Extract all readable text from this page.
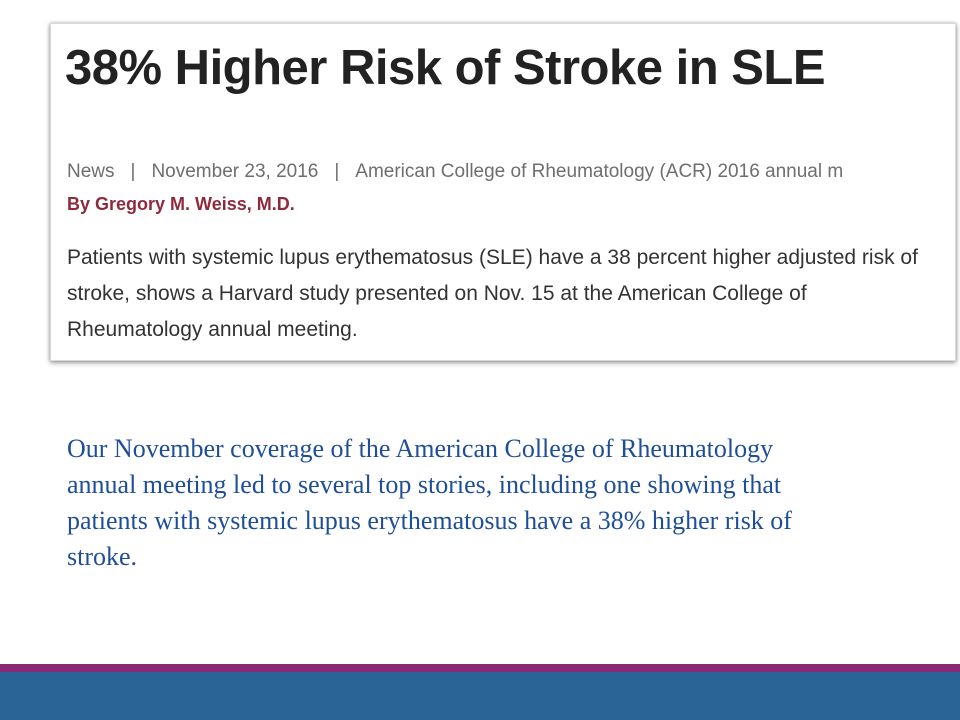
38% Higher Risk of Stroke in SLE
News | November 23, 2016 | American College of Rheumatology (ACR) 2016 annual m
By Gregory M. Weiss, M.D.

Patients with systemic lupus erythematosus (SLE) have a 38 percent higher adjusted risk of stroke, shows a Harvard study presented on Nov. 15 at the American College of Rheumatology annual meeting.

Our November coverage of the American College of Rheumatology annual meeting led to several top stories, including one showing that patients with systemic lupus erythematosus have a 38% higher risk of stroke.
